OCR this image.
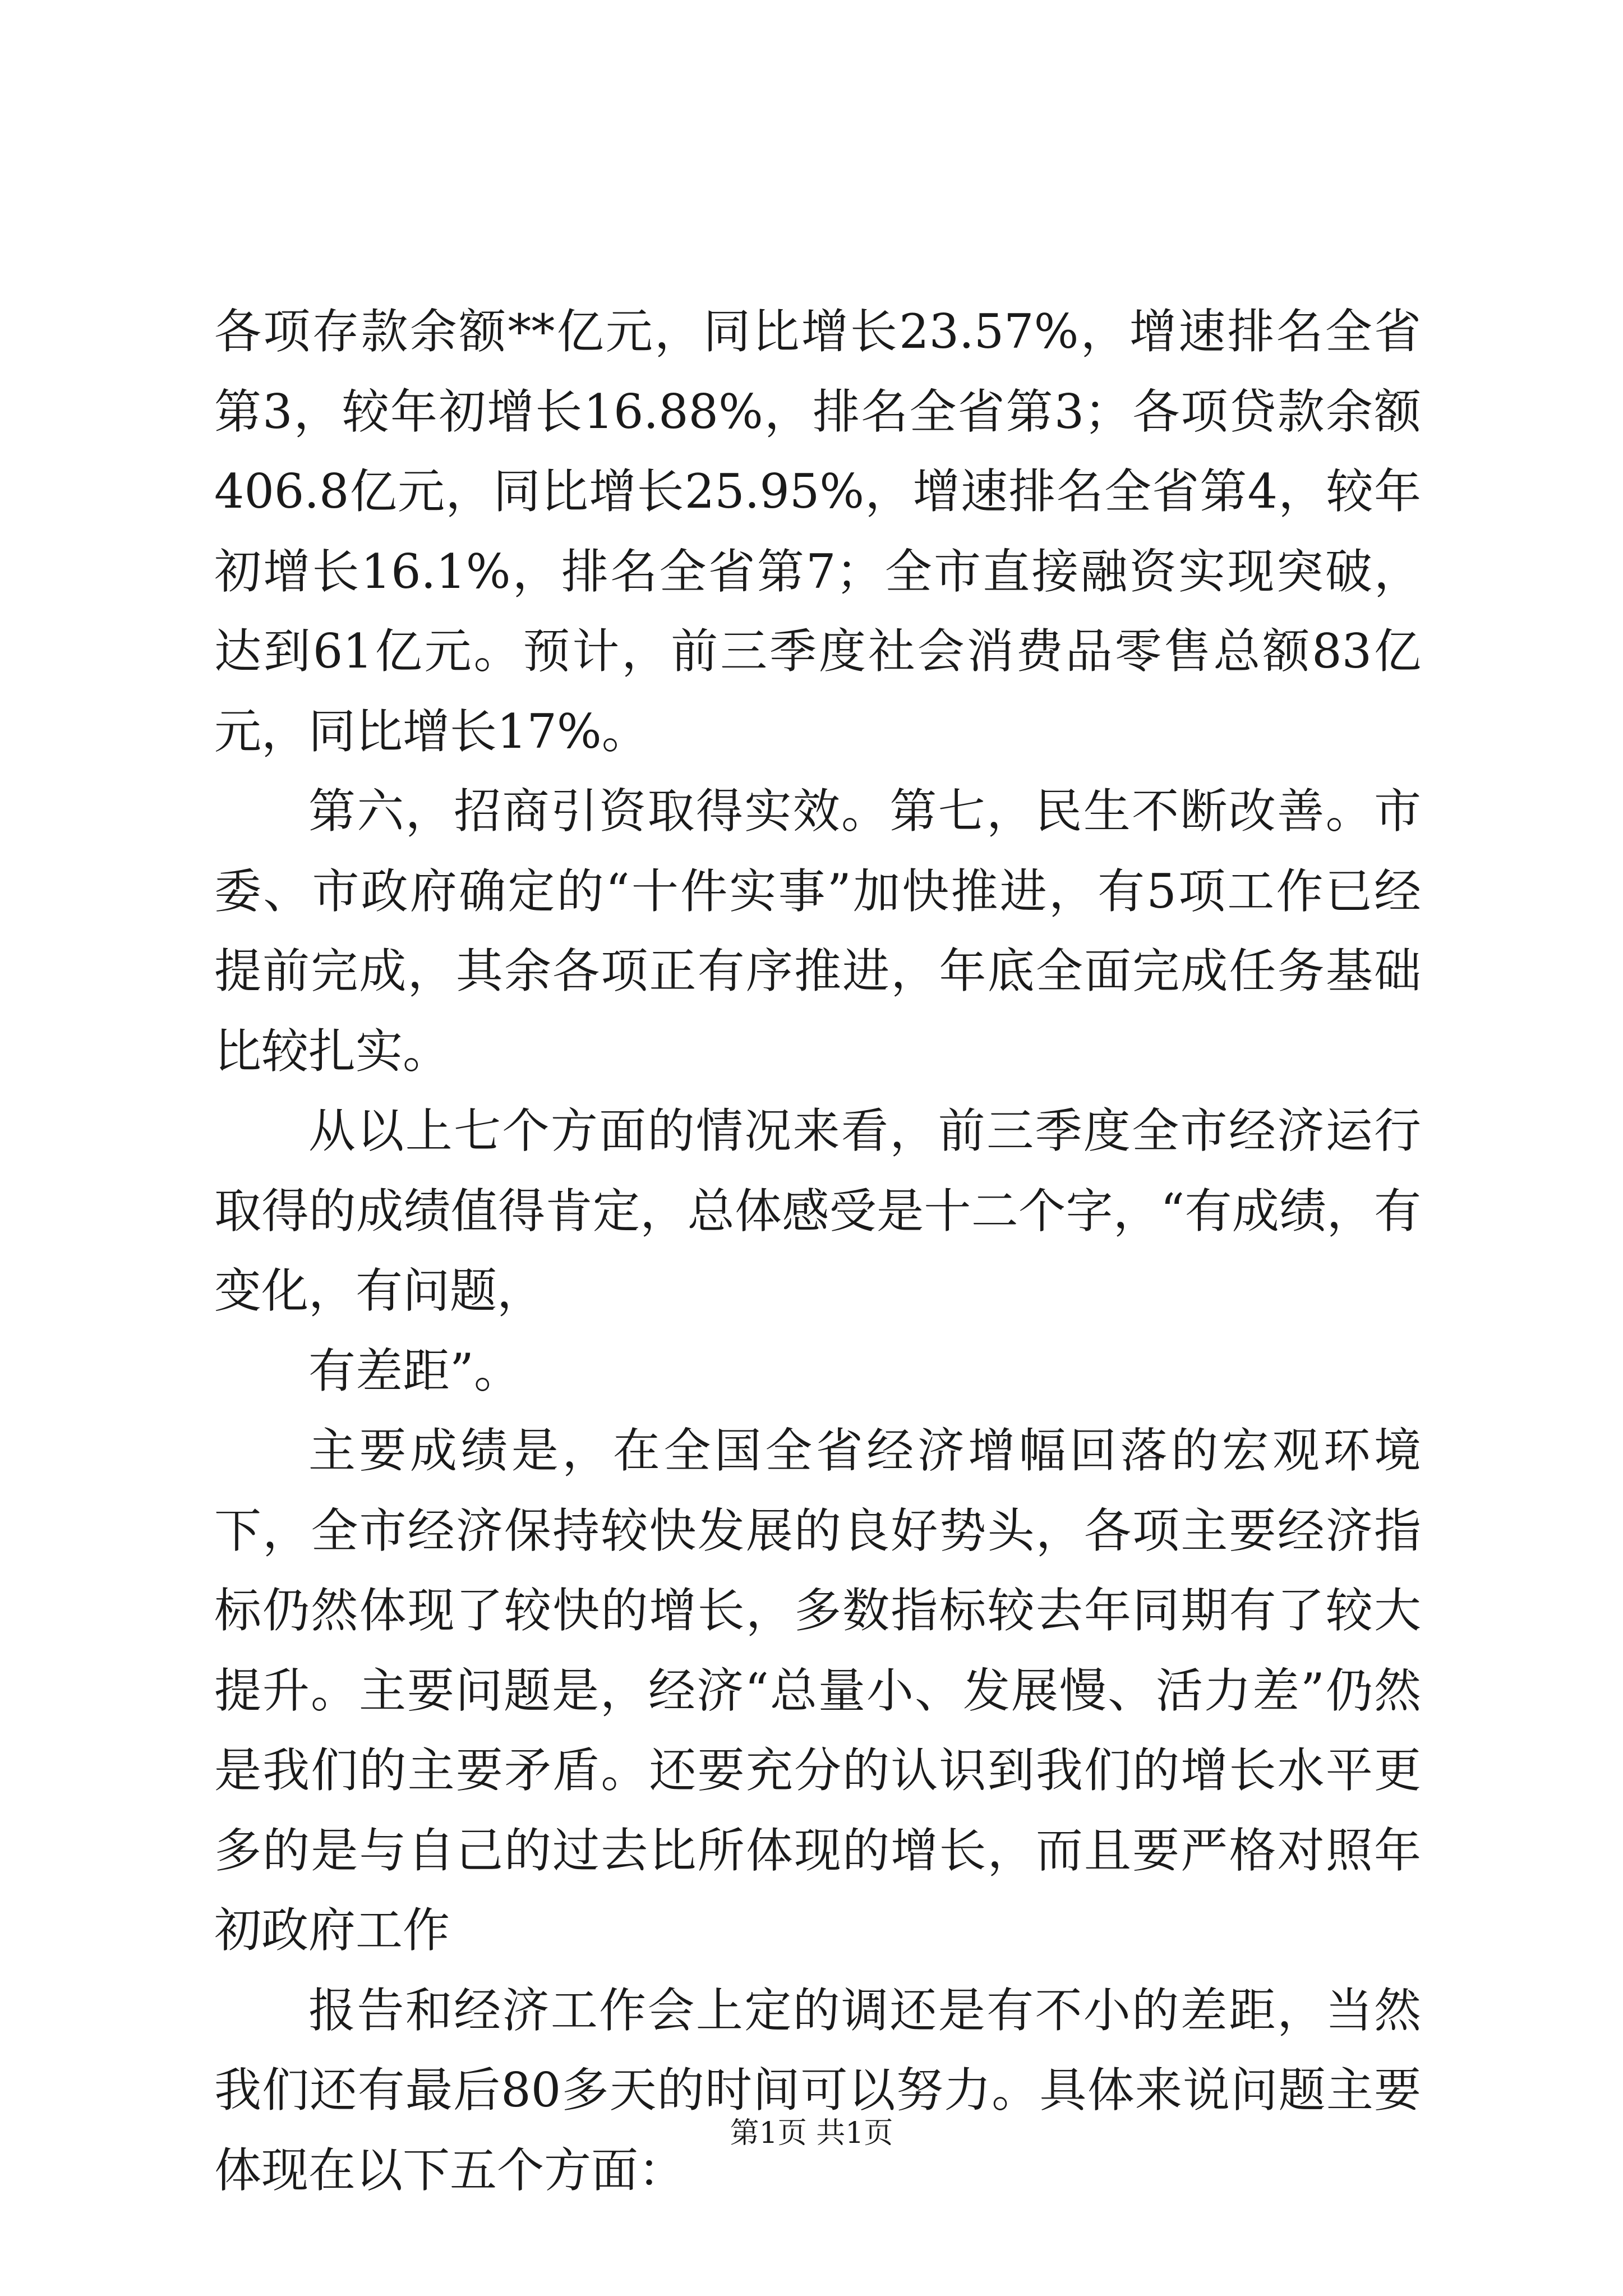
各项存款余额**亿元，同比增长23.57%，增速排名全省第3，较年初增长16.88%，排名全省第3；各项贷款余额406.8亿元，同比增长25.95%，增速排名全省第4，较年初增长16.1%，排名全省第7；全市直接融资实现突破，达到61亿元。预计，前三季度社会消费品零售总额83亿元，同比增长17%。

第六，招商引资取得实效。第七，民生不断改善。市委、市政府确定的“十件实事”加快推进，有5项工作已经提前完成，其余各项正有序推进，年底全面完成任务基础比较扎实。

从以上七个方面的情况来看，前三季度全市经济运行取得的成绩值得肯定，总体感受是十二个字，“有成绩，有变化，有问题，

有差距”。

主要成绩是，在全国全省经济增幅回落的宏观环境下，全市经济保持较快发展的良好势头，各项主要经济指标仍然体现了较快的增长，多数指标较去年同期有了较大提升。主要问题是，经济“总量小、发展慢、活力差”仍然是我们的主要矛盾。还要充分的认识到我们的增长水平更多的是与自己的过去比所体现的增长，而且要严格对照年初政府工作

报告和经济工作会上定的调还是有不小的差距，当然我们还有最后80多天的时间可以努力。具体来说问题主要体现在以下五个方面：

第1页 共1页
